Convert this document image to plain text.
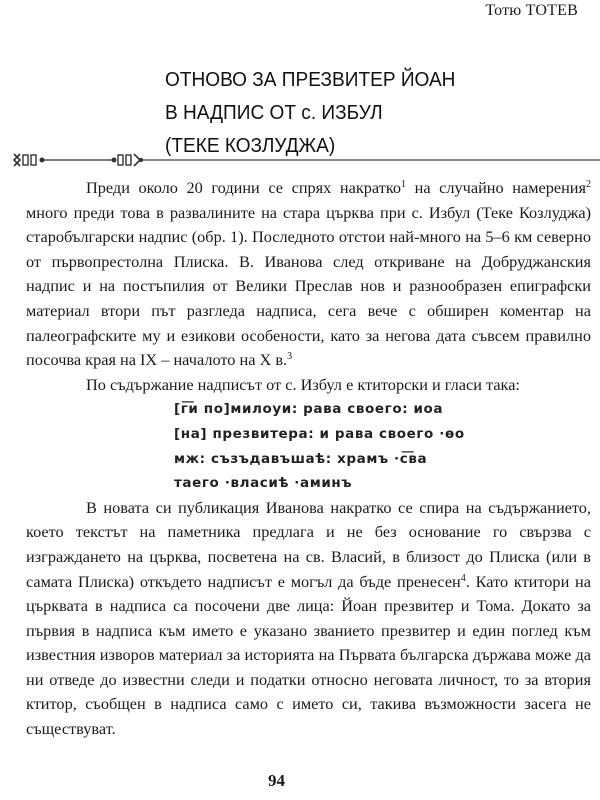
Тотю ТОТЕВ
ОТНОВО ЗА ПРЕЗВИТЕР ЙОАН
В НАДПИС ОТ с. ИЗБУЛ
(ТЕКЕ КОЗЛУДЖА)

Преди около 20 години се спрях накратко$^1$ на случайно намерения$^2$ много преди това в развалините на стара църква при с. Избул (Теке Козлуджа) старобългарски надпис (обр. 1). Последното отстои най-много на 5–6 км северно от първопрестолна Плиска. В. Иванова след откриване на Добруджанския надпис и на постъпилия от Велики Преслав нов и разнообразен епиграфски материал втори път разгледа надписа, сега вече с обширен коментар на палеографските му и езикови особености, като за негова дата съвсем правилно посочва края на IX – началото на X в.$^3$

По съдържание надписът от с. Избул е ктиторски и гласи така:

[г͞и по]милоуи: рава своего: иоа
[на] презвитера: и рава своего ·ѳо
мж: съзъдавъшаѣ: храмъ ·с͞ва
таего ·власиѣ ·аминъ

В новата си публикация Иванова накратко се спира на съдържанието, което текстът на паметника предлага и не без основание го свързва с изграждането на църква, посветена на св. Власий, в близост до Плиска (или в самата Плиска) откъдето надписът е могъл да бъде пренесен$^4$. Като ктитори на църквата в надписа са посочени две лица: Йоан презвитер и Тома. Докато за първия в надписа към името е указано званието презвитер и един поглед към известния изворов материал за историята на Първата българска държава може да ни отведе до известни следи и податки относно неговата личност, то за втория ктитор, съобщен в надписа само с името си, такива възможности засега не съществуват.

94
